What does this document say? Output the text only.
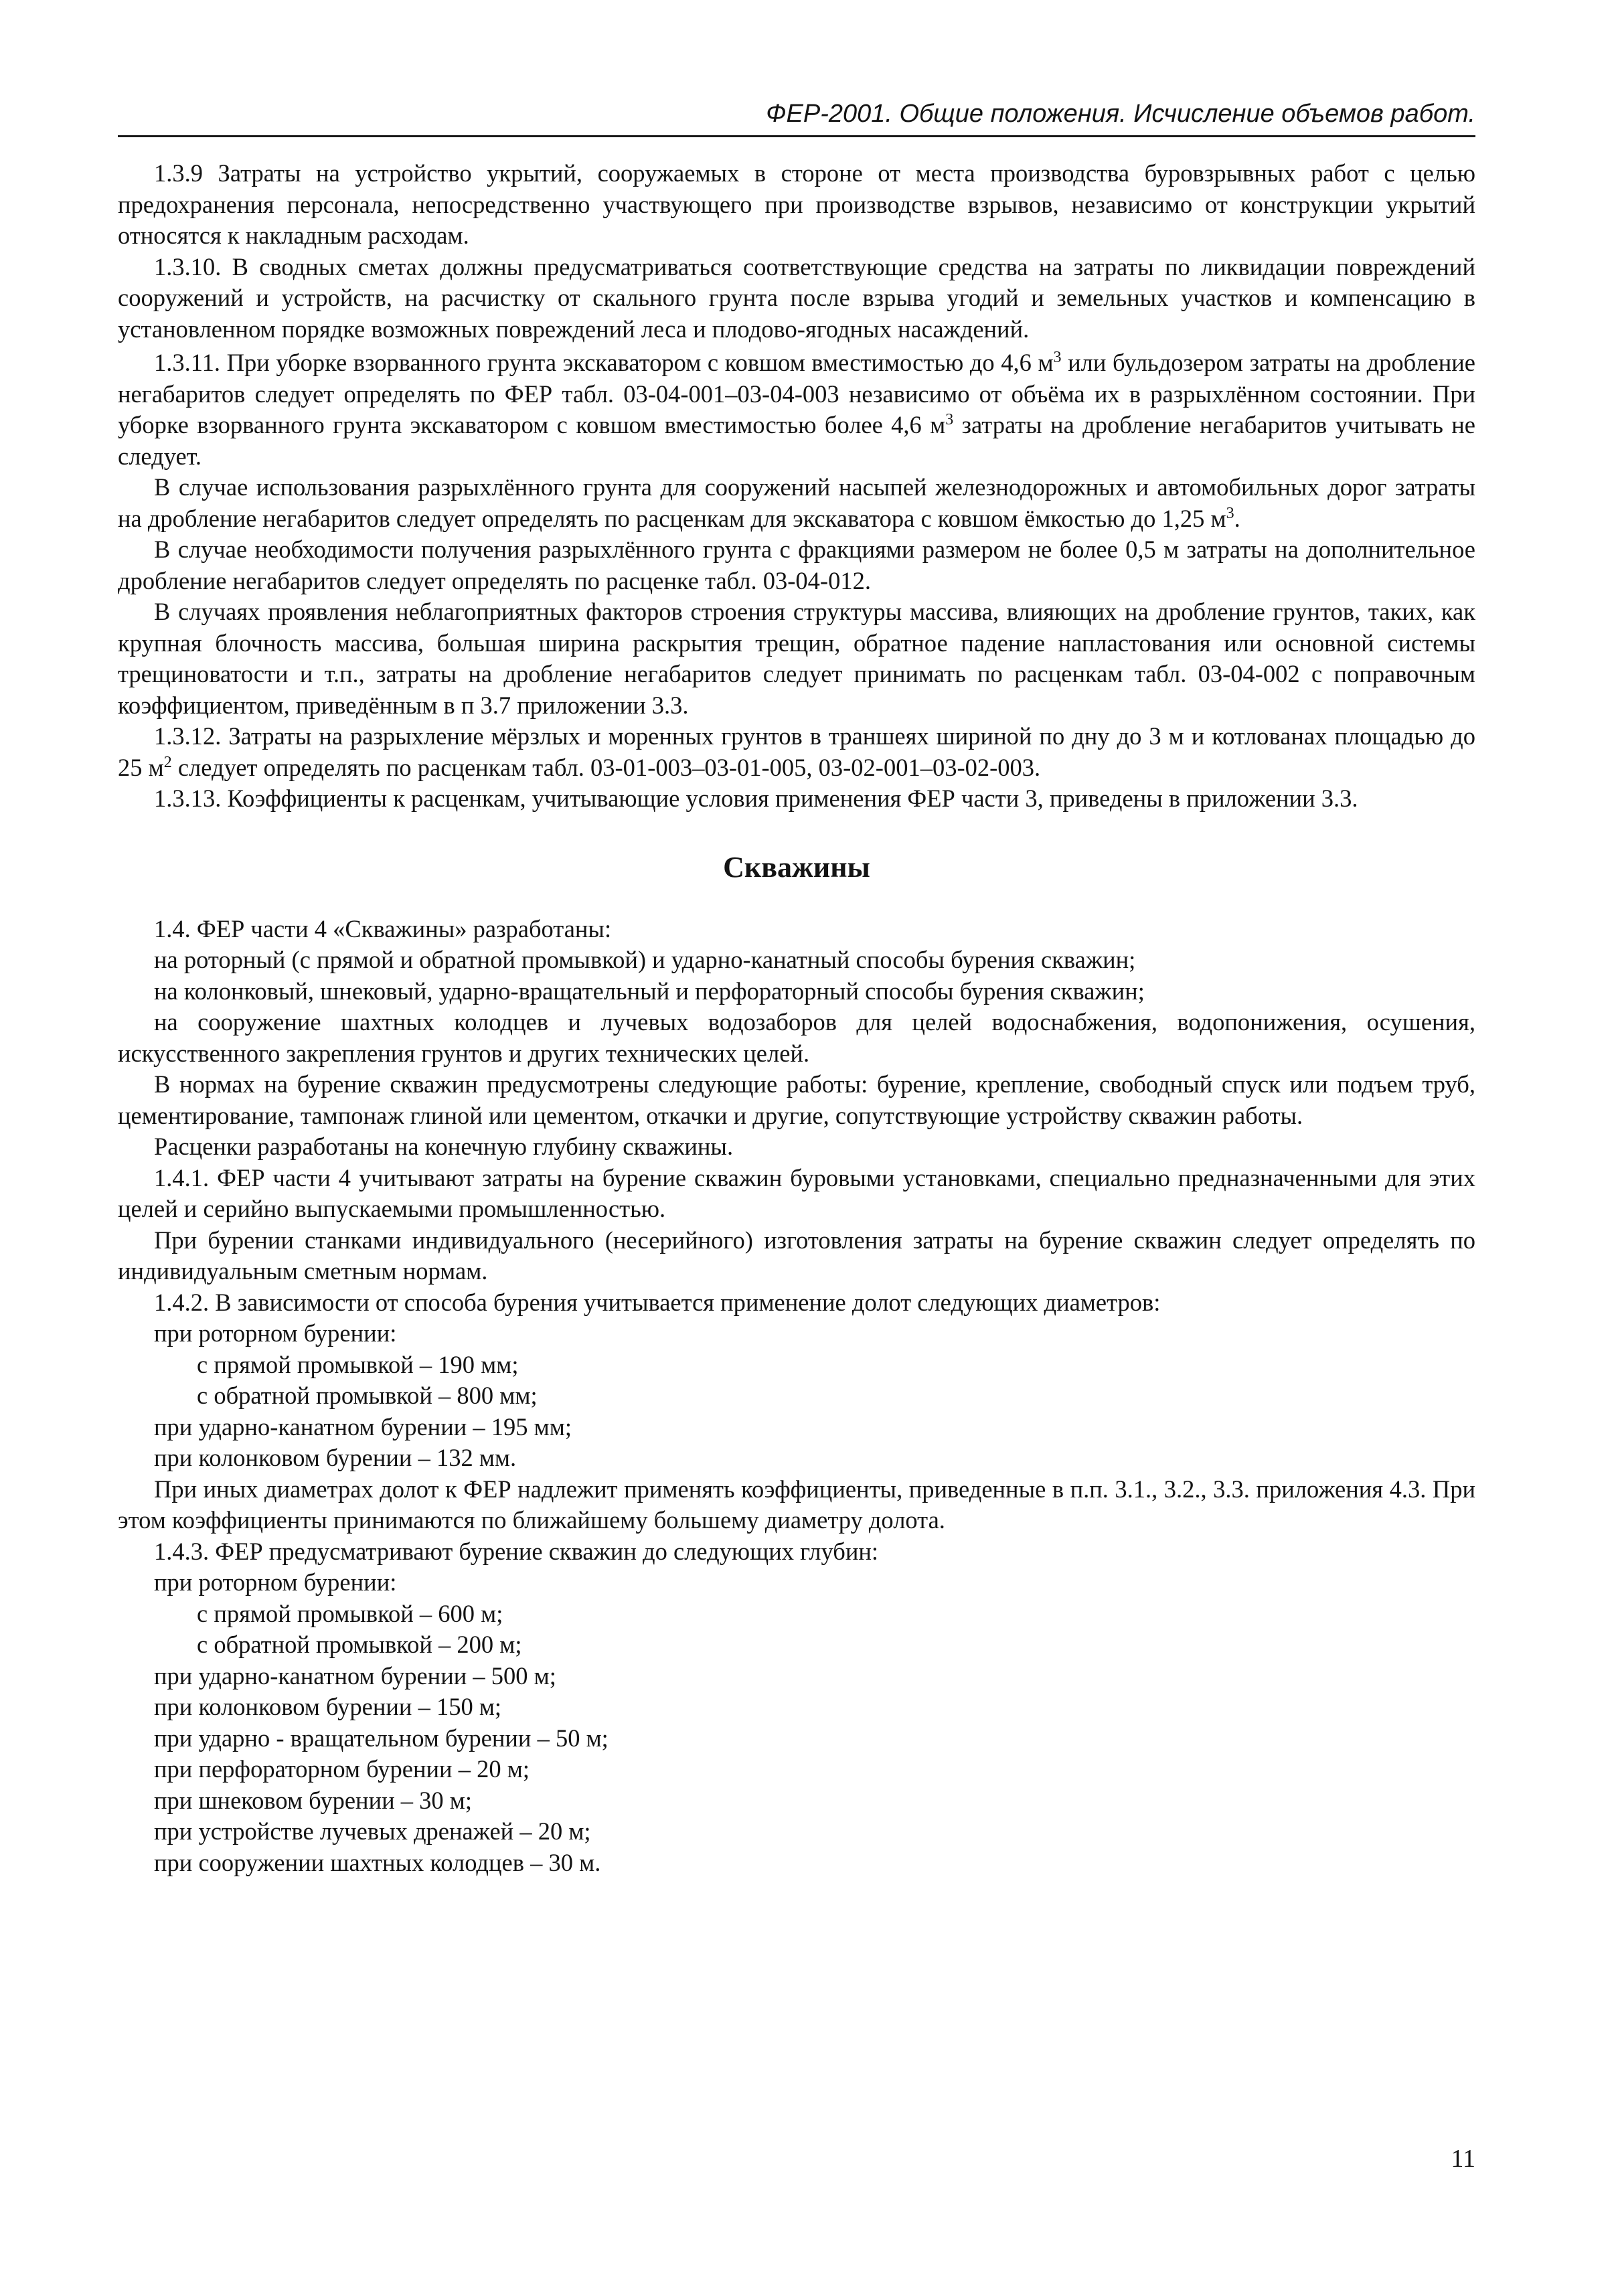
ФЕР-2001. Общие положения. Исчисление объемов работ.

1.3.9 Затраты на устройство укрытий, сооружаемых в стороне от места производства буровзрывных работ с целью предохранения персонала, непосредственно участвующего при производстве взрывов, независимо от конструкции укрытий относятся к накладным расходам.

1.3.10. В сводных сметах должны предусматриваться соответствующие средства на затраты по ликвидации повреждений сооружений и устройств, на расчистку от скального грунта после взрыва угодий и земельных участков и компенсацию в установленном порядке возможных повреждений леса и плодово-ягодных насаждений.

1.3.11. При уборке взорванного грунта экскаватором с ковшом вместимостью до 4,6 $м^3$ или бульдозером затраты на дробление негабаритов следует определять по ФЕР табл. 03-04-001–03-04-003 независимо от объёма их в разрыхлённом состоянии. При уборке взорванного грунта экскаватором с ковшом вместимостью более 4,6 $м^3$ затраты на дробление негабаритов учитывать не следует.

В случае использования разрыхлённого грунта для сооружений насыпей железнодорожных и автомобильных дорог затраты на дробление негабаритов следует определять по расценкам для экскаватора с ковшом ёмкостью до 1,25 $м^3$.

В случае необходимости получения разрыхлённого грунта с фракциями размером не более 0,5 м затраты на дополнительное дробление негабаритов следует определять по расценке табл. 03-04-012.

В случаях проявления неблагоприятных факторов строения структуры массива, влияющих на дробление грунтов, таких, как крупная блочность массива, большая ширина раскрытия трещин, обратное падение напластования или основной системы трещиноватости и т.п., затраты на дробление негабаритов следует принимать по расценкам табл. 03-04-002 с поправочным коэффициентом, приведённым в п 3.7 приложении 3.3.

1.3.12. Затраты на разрыхление мёрзлых и моренных грунтов в траншеях шириной по дну до 3 м и котлованах площадью до 25 $м^2$ следует определять по расценкам табл. 03-01-003–03-01-005, 03-02-001–03-02-003.

1.3.13. Коэффициенты к расценкам, учитывающие условия применения ФЕР части 3, приведены в приложении 3.3.

Скважины

1.4. ФЕР части 4 «Скважины» разработаны:

на роторный (с прямой и обратной промывкой) и ударно-канатный способы бурения скважин;

на колонковый, шнековый, ударно-вращательный и перфораторный способы бурения скважин;

на сооружение шахтных колодцев и лучевых водозаборов для целей водоснабжения, водопонижения, осушения, искусственного закрепления грунтов и других технических целей.

В нормах на бурение скважин предусмотрены следующие работы: бурение, крепление, свободный спуск или подъем труб, цементирование, тампонаж глиной или цементом, откачки и другие, сопутствующие устройству скважин работы.

Расценки разработаны на конечную глубину скважины.

1.4.1. ФЕР части 4 учитывают затраты на бурение скважин буровыми установками, специально предназначенными для этих целей и серийно выпускаемыми промышленностью.

При бурении станками индивидуального (несерийного) изготовления затраты на бурение скважин следует определять по индивидуальным сметным нормам.

1.4.2. В зависимости от способа бурения учитывается применение долот следующих диаметров:

при роторном бурении:

с прямой промывкой – 190 мм;

с обратной промывкой – 800 мм;

при ударно-канатном бурении – 195 мм;

при колонковом бурении – 132 мм.

При иных диаметрах долот к ФЕР надлежит применять коэффициенты, приведенные в п.п. 3.1., 3.2., 3.3. приложения 4.3. При этом коэффициенты принимаются по ближайшему большему диаметру долота.

1.4.3. ФЕР предусматривают бурение скважин до следующих глубин:

при роторном бурении:

с прямой промывкой – 600 м;

с обратной промывкой – 200 м;

при ударно-канатном бурении – 500 м;

при колонковом бурении – 150 м;

при ударно - вращательном бурении – 50 м;

при перфораторном бурении – 20 м;

при шнековом бурении – 30 м;

при устройстве лучевых дренажей – 20 м;

при сооружении шахтных колодцев – 30 м.

11
